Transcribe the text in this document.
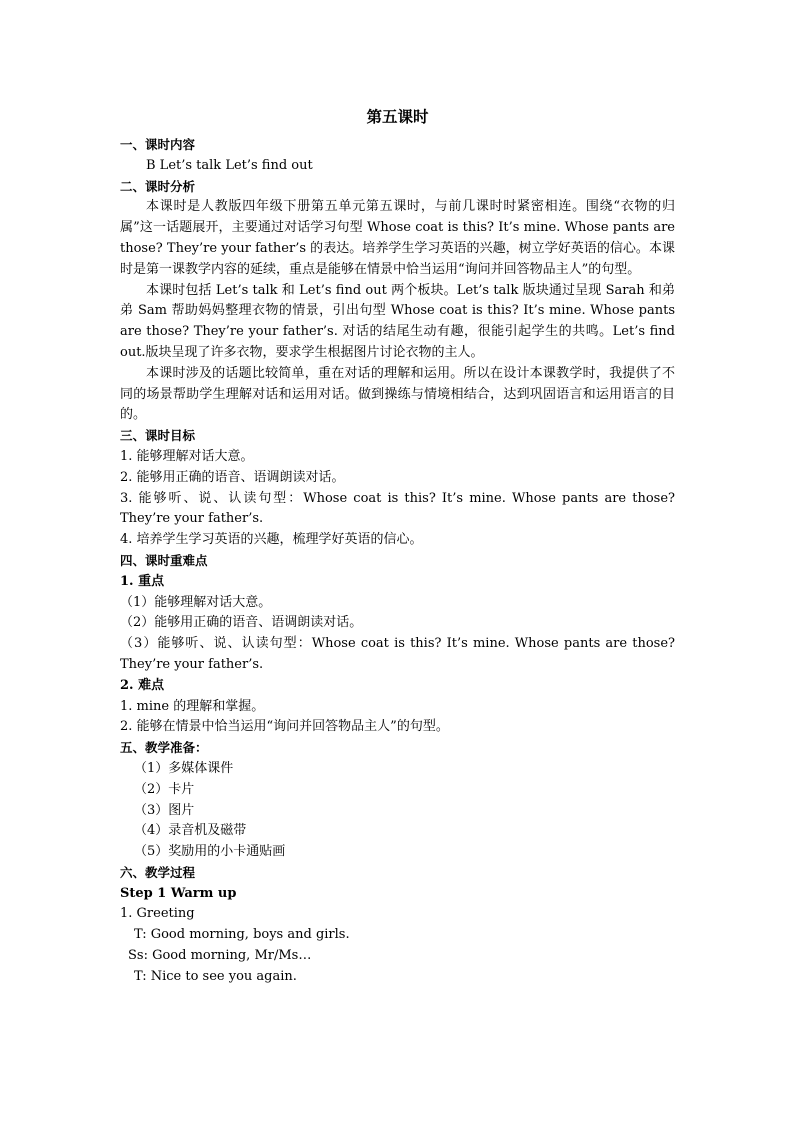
第五课时
一、课时内容
B Let’s talk Let’s find out
二、课时分析
本课时是人教版四年级下册第五单元第五课时，与前几课时时紧密相连。围绕“衣物的归属”这一话题展开，主要通过对话学习句型 Whose coat is this? It’s mine. Whose pants are those? They’re your father’s 的表达。培养学生学习英语的兴趣，树立学好英语的信心。本课时是第一课教学内容的延续，重点是能够在情景中恰当运用“询问并回答物品主人”的句型。
本课时包括 Let’s talk 和 Let’s find out 两个板块。Let’s talk 版块通过呈现 Sarah 和弟弟 Sam 帮助妈妈整理衣物的情景，引出句型 Whose coat is this? It’s mine. Whose pants are those? They’re your father’s. 对话的结尾生动有趣，很能引起学生的共鸣。Let’s find out.版块呈现了许多衣物，要求学生根据图片讨论衣物的主人。
本课时涉及的话题比较简单，重在对话的理解和运用。所以在设计本课教学时，我提供了不同的场景帮助学生理解对话和运用对话。做到操练与情境相结合，达到巩固语言和运用语言的目的。
三、课时目标
1. 能够理解对话大意。
2. 能够用正确的语音、语调朗读对话。
3. 能够听、说、认读句型：Whose coat is this? It’s mine. Whose pants are those? They’re your father’s.
4. 培养学生学习英语的兴趣，梳理学好英语的信心。
四、课时重难点
1. 重点
（1）能够理解对话大意。
（2）能够用正确的语音、语调朗读对话。
（3）能够听、说、认读句型：Whose coat is this? It’s mine. Whose pants are those? They’re your father’s.
2. 难点
1. mine 的理解和掌握。
2. 能够在情景中恰当运用“询问并回答物品主人”的句型。
五、教学准备：
（1）多媒体课件
（2）卡片
（3）图片
（4）录音机及磁带
（5）奖励用的小卡通贴画
六、教学过程
Step 1 Warm up
1. Greeting
T: Good morning, boys and girls.
Ss: Good morning, Mr/Ms…
T: Nice to see you again.
